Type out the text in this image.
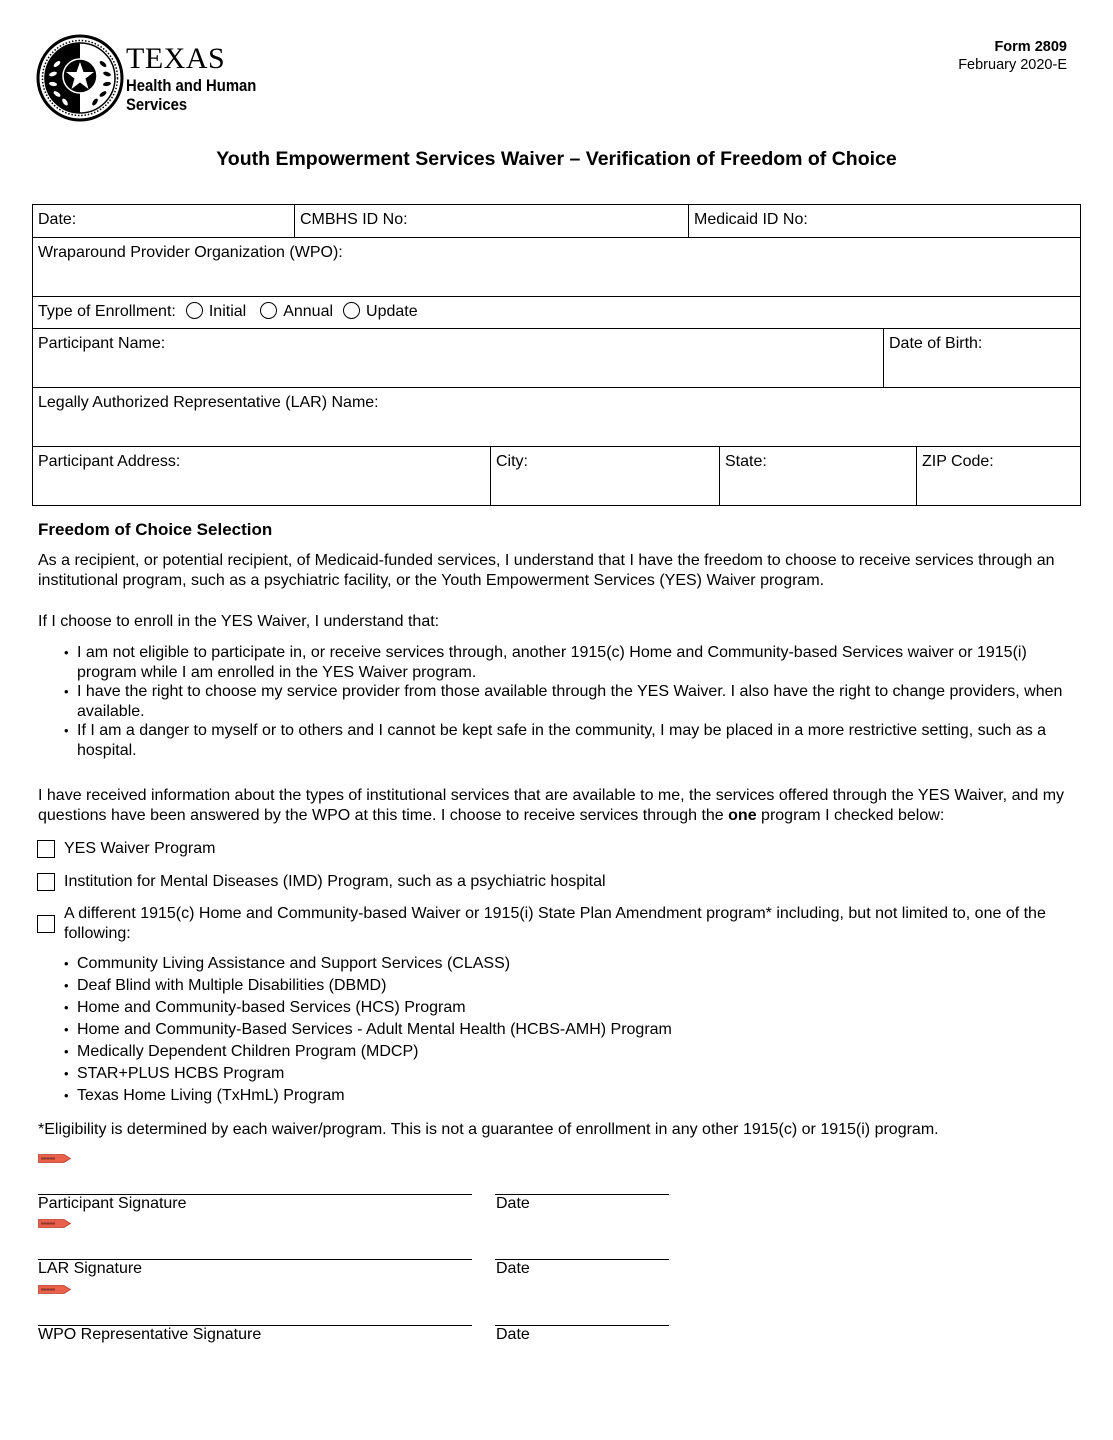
TEXAS
Health and Human
Services
Form 2809
February 2020-E
Youth Empowerment Services Waiver – Verification of Freedom of Choice
Date:	CMBHS ID No:	Medicaid ID No:
Wraparound Provider Organization (WPO):
Type of Enrollment: Initial Annual Update
Participant Name:	Date of Birth:
Legally Authorized Representative (LAR) Name:
Participant Address:	City:	State:	ZIP Code:
Freedom of Choice Selection
As a recipient, or potential recipient, of Medicaid-funded services, I understand that I have the freedom to choose to receive services through an institutional program, such as a psychiatric facility, or the Youth Empowerment Services (YES) Waiver program.
If I choose to enroll in the YES Waiver, I understand that:
• I am not eligible to participate in, or receive services through, another 1915(c) Home and Community-based Services waiver or 1915(i) program while I am enrolled in the YES Waiver program.
• I have the right to choose my service provider from those available through the YES Waiver. I also have the right to change providers, when available.
• If I am a danger to myself or to others and I cannot be kept safe in the community, I may be placed in a more restrictive setting, such as a hospital.
I have received information about the types of institutional services that are available to me, the services offered through the YES Waiver, and my questions have been answered by the WPO at this time. I choose to receive services through the one program I checked below:
YES Waiver Program
Institution for Mental Diseases (IMD) Program, such as a psychiatric hospital
A different 1915(c) Home and Community-based Waiver or 1915(i) State Plan Amendment program* including, but not limited to, one of the following:
• Community Living Assistance and Support Services (CLASS)
• Deaf Blind with Multiple Disabilities (DBMD)
• Home and Community-based Services (HCS) Program
• Home and Community-Based Services - Adult Mental Health (HCBS-AMH) Program
• Medically Dependent Children Program (MDCP)
• STAR+PLUS HCBS Program
• Texas Home Living (TxHmL) Program
*Eligibility is determined by each waiver/program. This is not a guarantee of enrollment in any other 1915(c) or 1915(i) program.
Participant Signature	Date
LAR Signature	Date
WPO Representative Signature	Date
